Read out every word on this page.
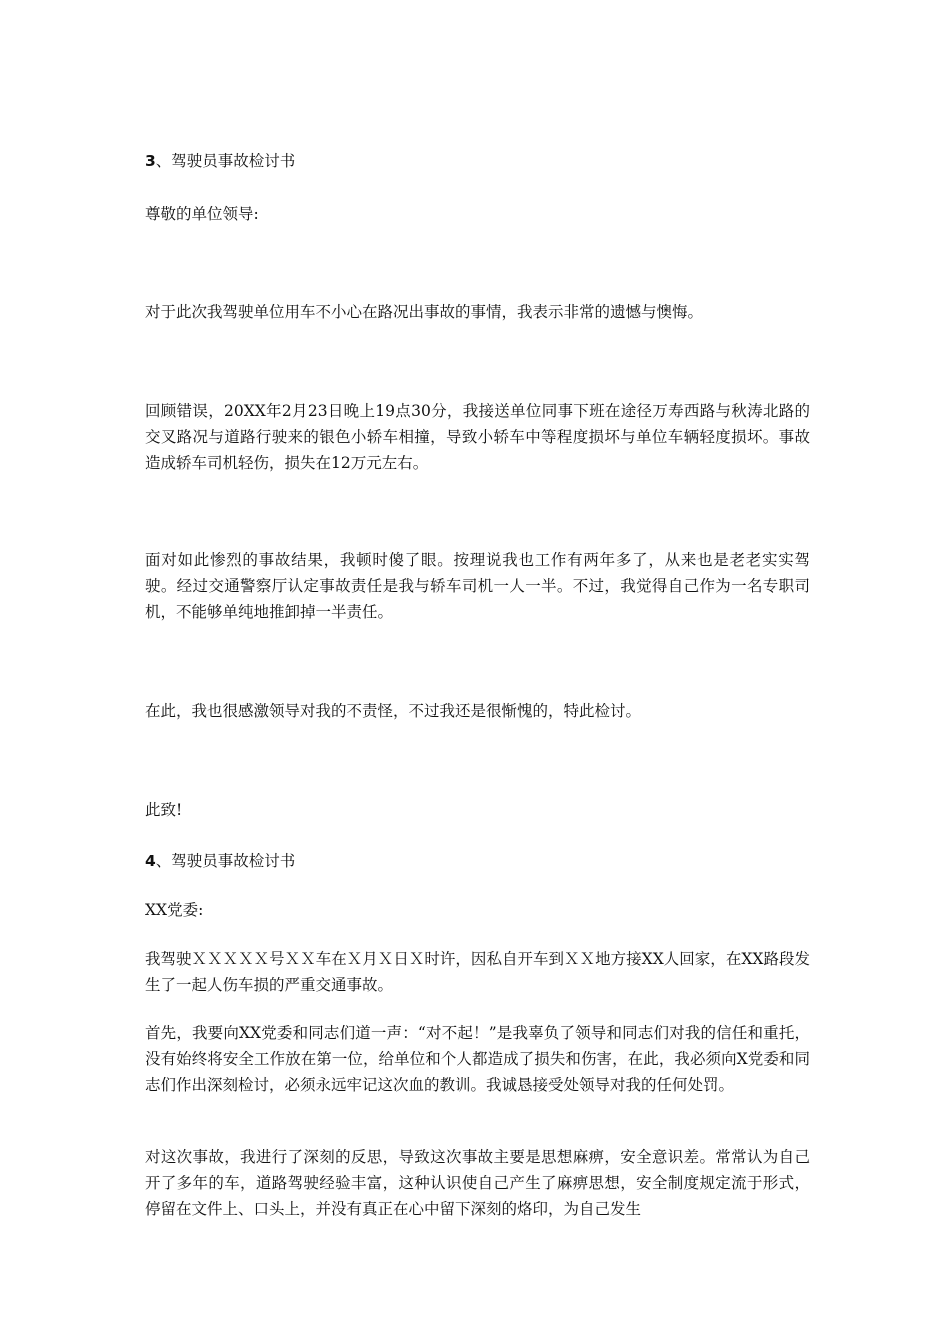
3、驾驶员事故检讨书

尊敬的单位领导:

对于此次我驾驶单位用车不小心在路况出事故的事情，我表示非常的遗憾与懊悔。

回顾错误，20XX年2月23日晚上19点30分，我接送单位同事下班在途径万寿西路与秋涛北路的交叉路况与道路行驶来的银色小轿车相撞，导致小轿车中等程度损坏与单位车辆轻度损坏。事故造成轿车司机轻伤，损失在12万元左右。

面对如此惨烈的事故结果，我顿时傻了眼。按理说我也工作有两年多了，从来也是老老实实驾驶。经过交通警察厅认定事故责任是我与轿车司机一人一半。不过，我觉得自己作为一名专职司机，不能够单纯地推卸掉一半责任。

在此，我也很感激领导对我的不责怪，不过我还是很惭愧的，特此检讨。

此致!

4、驾驶员事故检讨书

XX党委:

我驾驶ＸＸＸＸＸ号ＸＸ车在Ｘ月Ｘ日Ｘ时许，因私自开车到ＸＸ地方接XX人回家，在XX路段发生了一起人伤车损的严重交通事故。

首先，我要向XX党委和同志们道一声：“对不起！”是我辜负了领导和同志们对我的信任和重托，没有始终将安全工作放在第一位，给单位和个人都造成了损失和伤害，在此，我必须向X党委和同志们作出深刻检讨，必须永远牢记这次血的教训。我诚恳接受处领导对我的任何处罚。

对这次事故，我进行了深刻的反思，导致这次事故主要是思想麻痹，安全意识差。常常认为自己开了多年的车，道路驾驶经验丰富，这种认识使自己产生了麻痹思想，安全制度规定流于形式，停留在文件上、口头上，并没有真正在心中留下深刻的烙印，为自己发生
